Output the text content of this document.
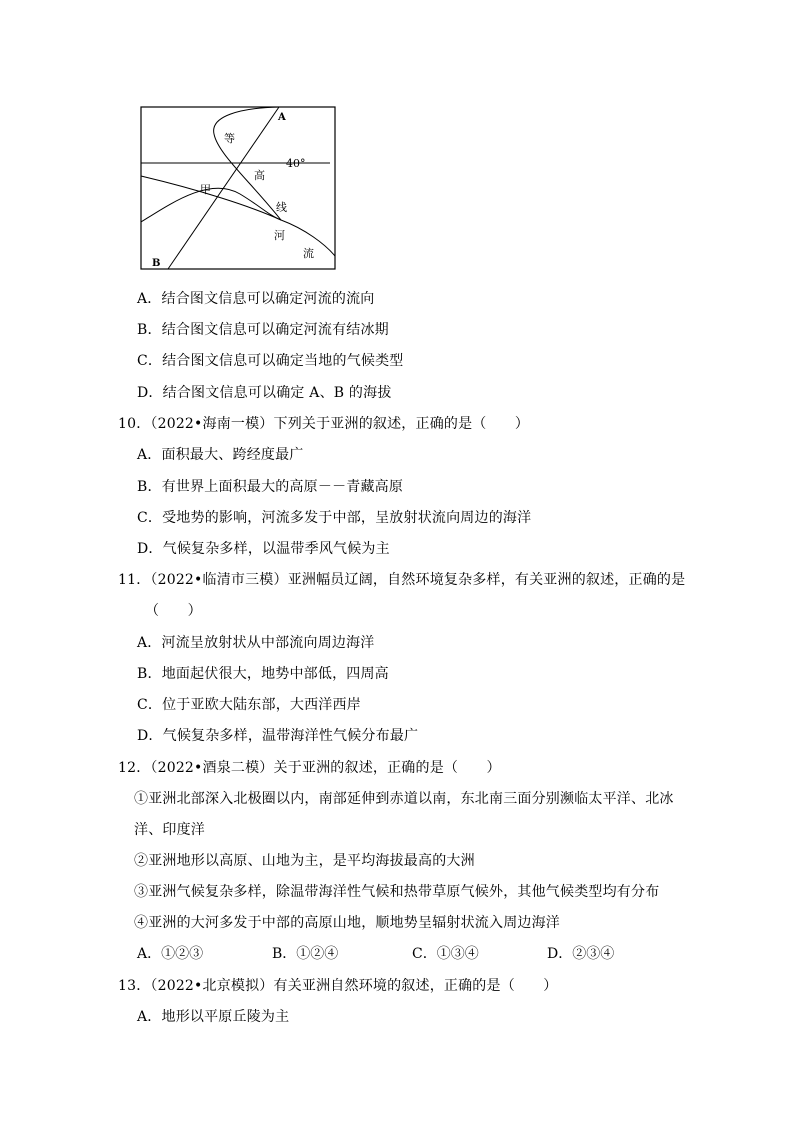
A
B
40°
等
高
线
甲
河
流
A．结合图文信息可以确定河流的流向
B．结合图文信息可以确定河流有结冰期
C．结合图文信息可以确定当地的气候类型
D．结合图文信息可以确定 A、B 的海拔
10．（2022•海南一模）下列关于亚洲的叙述，正确的是（　　）
A．面积最大、跨经度最广
B．有世界上面积最大的高原－－青藏高原
C．受地势的影响，河流多发于中部，呈放射状流向周边的海洋
D．气候复杂多样，以温带季风气候为主
11．（2022•临清市三模）亚洲幅员辽阔，自然环境复杂多样，有关亚洲的叙述，正确的是
（　　）
A．河流呈放射状从中部流向周边海洋
B．地面起伏很大，地势中部低，四周高
C．位于亚欧大陆东部，大西洋西岸
D．气候复杂多样，温带海洋性气候分布最广
12．（2022•酒泉二模）关于亚洲的叙述，正确的是（　　）
①亚洲北部深入北极圈以内，南部延伸到赤道以南，东北南三面分别濒临太平洋、北冰
洋、印度洋
②亚洲地形以高原、山地为主，是平均海拔最高的大洲
③亚洲气候复杂多样，除温带海洋性气候和热带草原气候外，其他气候类型均有分布
④亚洲的大河多发于中部的高原山地，顺地势呈辐射状流入周边海洋
A．①②③	B．①②④	C．①③④	D．②③④
13．（2022•北京模拟）有关亚洲自然环境的叙述，正确的是（　　）
A．地形以平原丘陵为主
